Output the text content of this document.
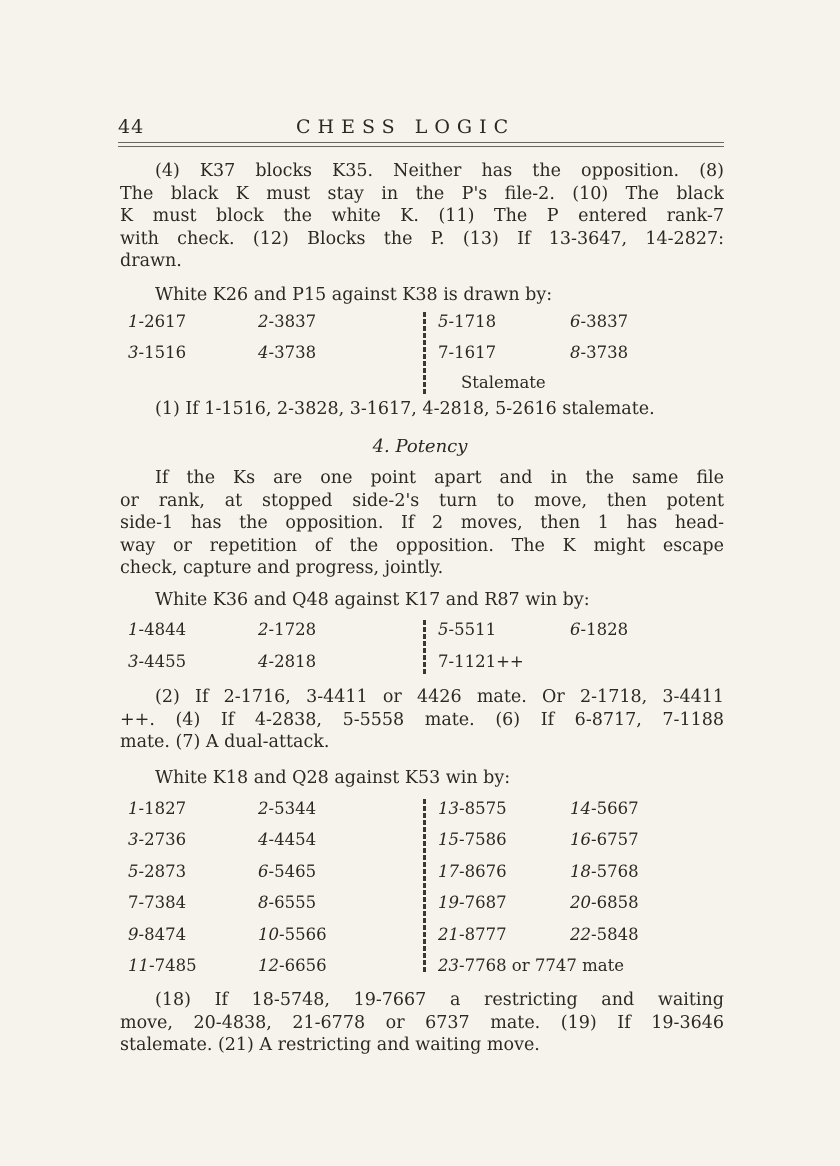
44	CHESS LOGIC
(4) K37 blocks K35. Neither has the opposition. (8)
The black K must stay in the P's file-2. (10) The black
K must block the white K. (11) The P entered rank-7
with check. (12) Blocks the P. (13) If 13-3647, 14-2827:
drawn.
White K26 and P15 against K38 is drawn by:
1-2617	2-3837	5-1718	6-3837
3-1516	4-3738	7-1617	8-3738
Stalemate
(1) If 1-1516, 2-3828, 3-1617, 4-2818, 5-2616 stalemate.
4. Potency
If the Ks are one point apart and in the same file
or rank, at stopped side-2's turn to move, then potent
side-1 has the opposition. If 2 moves, then 1 has head-
way or repetition of the opposition. The K might escape
check, capture and progress, jointly.
White K36 and Q48 against K17 and R87 win by:
1-4844	2-1728	5-5511	6-1828
3-4455	4-2818	7-1121++
(2) If 2-1716, 3-4411 or 4426 mate. Or 2-1718, 3-4411
++. (4) If 4-2838, 5-5558 mate. (6) If 6-8717, 7-1188
mate. (7) A dual-attack.
White K18 and Q28 against K53 win by:
1-1827	2-5344	13-8575	14-5667
3-2736	4-4454	15-7586	16-6757
5-2873	6-5465	17-8676	18-5768
7-7384	8-6555	19-7687	20-6858
9-8474	10-5566	21-8777	22-5848
11-7485	12-6656	23-7768 or 7747 mate
(18) If 18-5748, 19-7667 a restricting and waiting
move, 20-4838, 21-6778 or 6737 mate. (19) If 19-3646
stalemate. (21) A restricting and waiting move.
